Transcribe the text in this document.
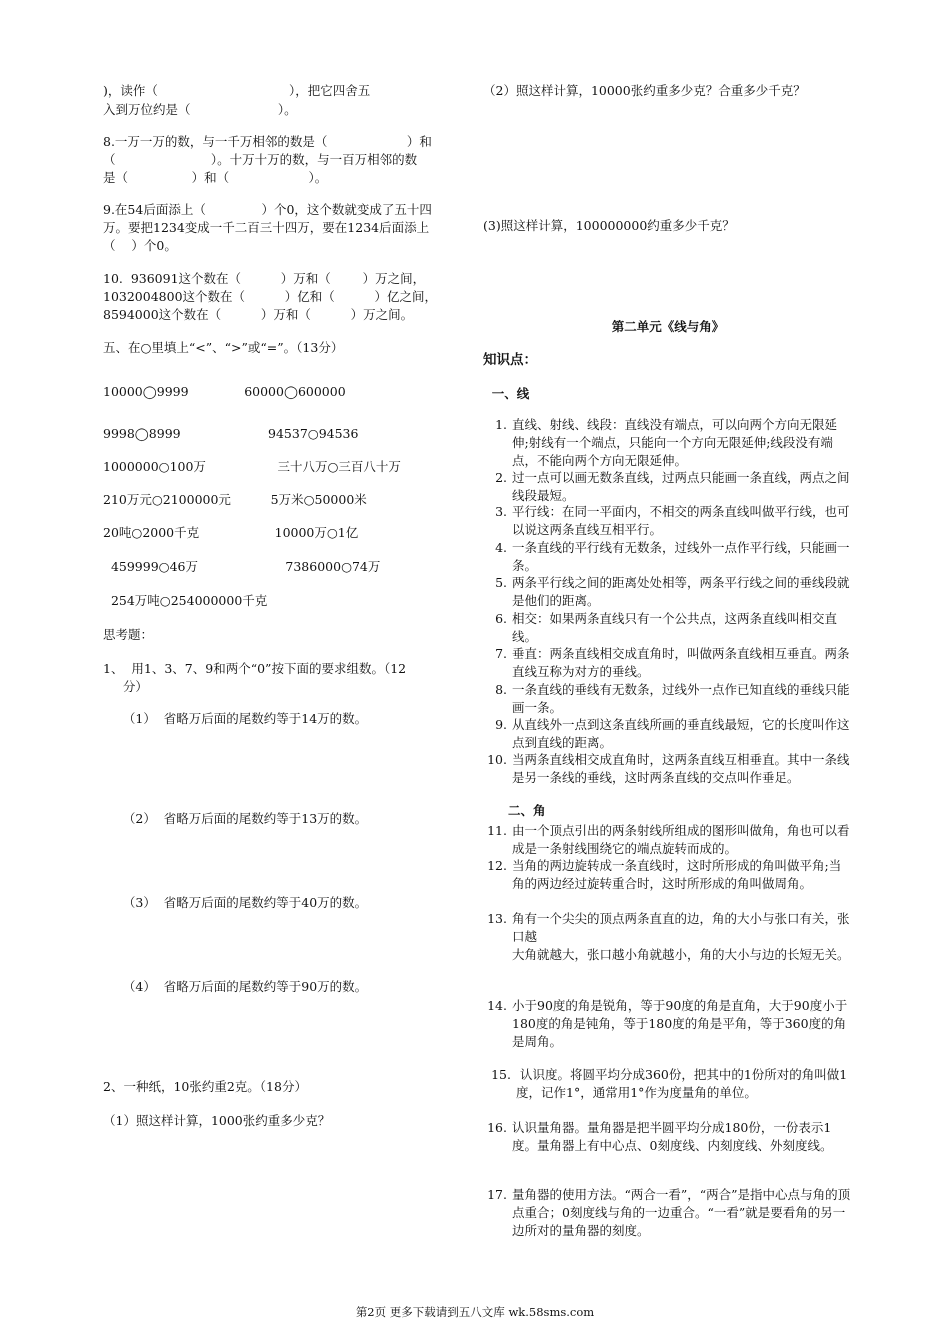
)，读作（                                 ），把它四舍五

入到万位约是（                      ）。

8.一万一万的数，与一千万相邻的数是（                    ）和

（                        ）。十万十万的数，与一百万相邻的数

是（                ）和（                    ）。

9.在54后面添上（              ）个0，这个数就变成了五十四

万。要把1234变成一千二百三十四万，要在1234后面添上

（    ）个0。

10.  936091这个数在（          ）万和（        ）万之间，

1032004800这个数在（          ）亿和（          ）亿之间，

8594000这个数在（          ）万和（          ）万之间。

五、在○里填上“<”、“>”或“=”。（13分）

10000◯9999              60000◯600000

9998◯8999                      94537○94536

1000000○100万                  三十八万○三百八十万

210万元○2100000元          5万米○50000米

20吨○2000千克                   10000万○1亿

459999○46万                      7386000○74万

254万吨○254000000千克

思考题：

1、  用1、3、7、9和两个“0”按下面的要求组数。（12

分）

（1）  省略万后面的尾数约等于14万的数。

（2）  省略万后面的尾数约等于13万的数。

（3）  省略万后面的尾数约等于40万的数。

（4）  省略万后面的尾数约等于90万的数。

2、一种纸，10张约重2克。（18分）

（1）照这样计算，1000张约重多少克？

（2）照这样计算，10000张约重多少克？合重多少千克？

(3)照这样计算，100000000约重多少千克？

第二单元《线与角》

知识点：

一、线

1. 直线、射线、线段：直线没有端点，可以向两个方向无限延伸;射线有一个端点，只能向一个方向无限延伸;线段没有端点，不能向两个方向无限延伸。
2. 过一点可以画无数条直线，过两点只能画一条直线，两点之间线段最短。
3. 平行线：在同一平面内，不相交的两条直线叫做平行线，也可以说这两条直线互相平行。
4. 一条直线的平行线有无数条，过线外一点作平行线，只能画一条。
5. 两条平行线之间的距离处处相等，两条平行线之间的垂线段就是他们的距离。
6. 相交：如果两条直线只有一个公共点，这两条直线叫相交直线。
7. 垂直：两条直线相交成直角时，叫做两条直线相互垂直。两条直线互称为对方的垂线。
8. 一条直线的垂线有无数条，过线外一点作已知直线的垂线只能画一条。
9. 从直线外一点到这条直线所画的垂直线最短，它的长度叫作这点到直线的距离。
10. 当两条直线相交成直角时，这两条直线互相垂直。其中一条线是另一条线的垂线，这时两条直线的交点叫作垂足。
11. 由一个顶点引出的两条射线所组成的图形叫做角，角也可以看成是一条射线围绕它的端点旋转而成的。
12. 当角的两边旋转成一条直线时，这时所形成的角叫做平角;当角的两边经过旋转重合时，这时所形成的角叫做周角。
13. 角有一个尖尖的顶点两条直直的边，角的大小与张口有关，张口越
大角就越大，张口越小角就越小，角的大小与边的长短无关。
14. 小于90度的角是锐角，等于90度的角是直角，大于90度小于180度的角是钝角，等于180度的角是平角，等于360度的角是周角。
15. 认识度。将圆平均分成360份，把其中的1份所对的角叫做1度，记作1°，通常用1°作为度量角的单位。
16. 认识量角器。量角器是把半圆平均分成180份，一份表示1度。量角器上有中心点、0刻度线、内刻度线、外刻度线。
17. 量角器的使用方法。“两合一看”，“两合”是指中心点与角的顶点重合；0刻度线与角的一边重合。“一看”就是要看角的另一边所对的量角器的刻度。

二、角

第2页 更多下载请到五八文库 wk.58sms.com
